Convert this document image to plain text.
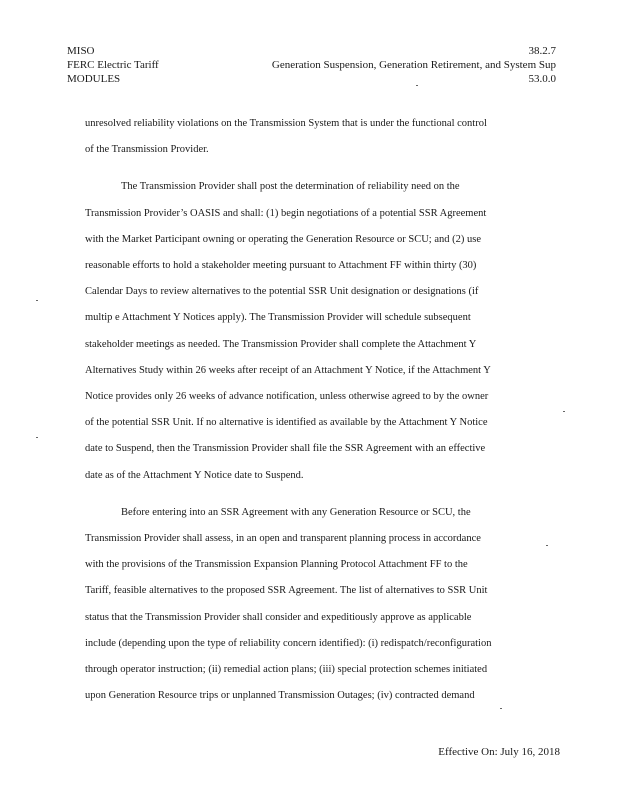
MISO
FERC Electric Tariff
MODULES
38.2.7
Generation Suspension, Generation Retirement, and System Sup
53.0.0
unresolved reliability violations on the Transmission System that is under the functional control
of the Transmission Provider.
The Transmission Provider shall post the determination of reliability need on the
Transmission Provider’s OASIS and shall: (1) begin negotiations of a potential SSR Agreement
with the Market Participant owning or operating the Generation Resource or SCU; and (2) use
reasonable efforts to hold a stakeholder meeting pursuant to Attachment FF within thirty (30)
Calendar Days to review alternatives to the potential SSR Unit designation or designations (if
multip e Attachment Y Notices apply). The Transmission Provider will schedule subsequent
stakeholder meetings as needed. The Transmission Provider shall complete the Attachment Y
Alternatives Study within 26 weeks after receipt of an Attachment Y Notice, if the Attachment Y
Notice provides only 26 weeks of advance notification, unless otherwise agreed to by the owner
of the potential SSR Unit. If no alternative is identified as available by the Attachment Y Notice
date to Suspend, then the Transmission Provider shall file the SSR Agreement with an effective
date as of the Attachment Y Notice date to Suspend.
Before entering into an SSR Agreement with any Generation Resource or SCU, the
Transmission Provider shall assess, in an open and transparent planning process in accordance
with the provisions of the Transmission Expansion Planning Protocol Attachment FF to the
Tariff, feasible alternatives to the proposed SSR Agreement. The list of alternatives to SSR Unit
status that the Transmission Provider shall consider and expeditiously approve as applicable
include (depending upon the type of reliability concern identified): (i) redispatch/reconfiguration
through operator instruction; (ii) remedial action plans; (iii) special protection schemes initiated
upon Generation Resource trips or unplanned Transmission Outages; (iv) contracted demand
Effective On: July 16, 2018
